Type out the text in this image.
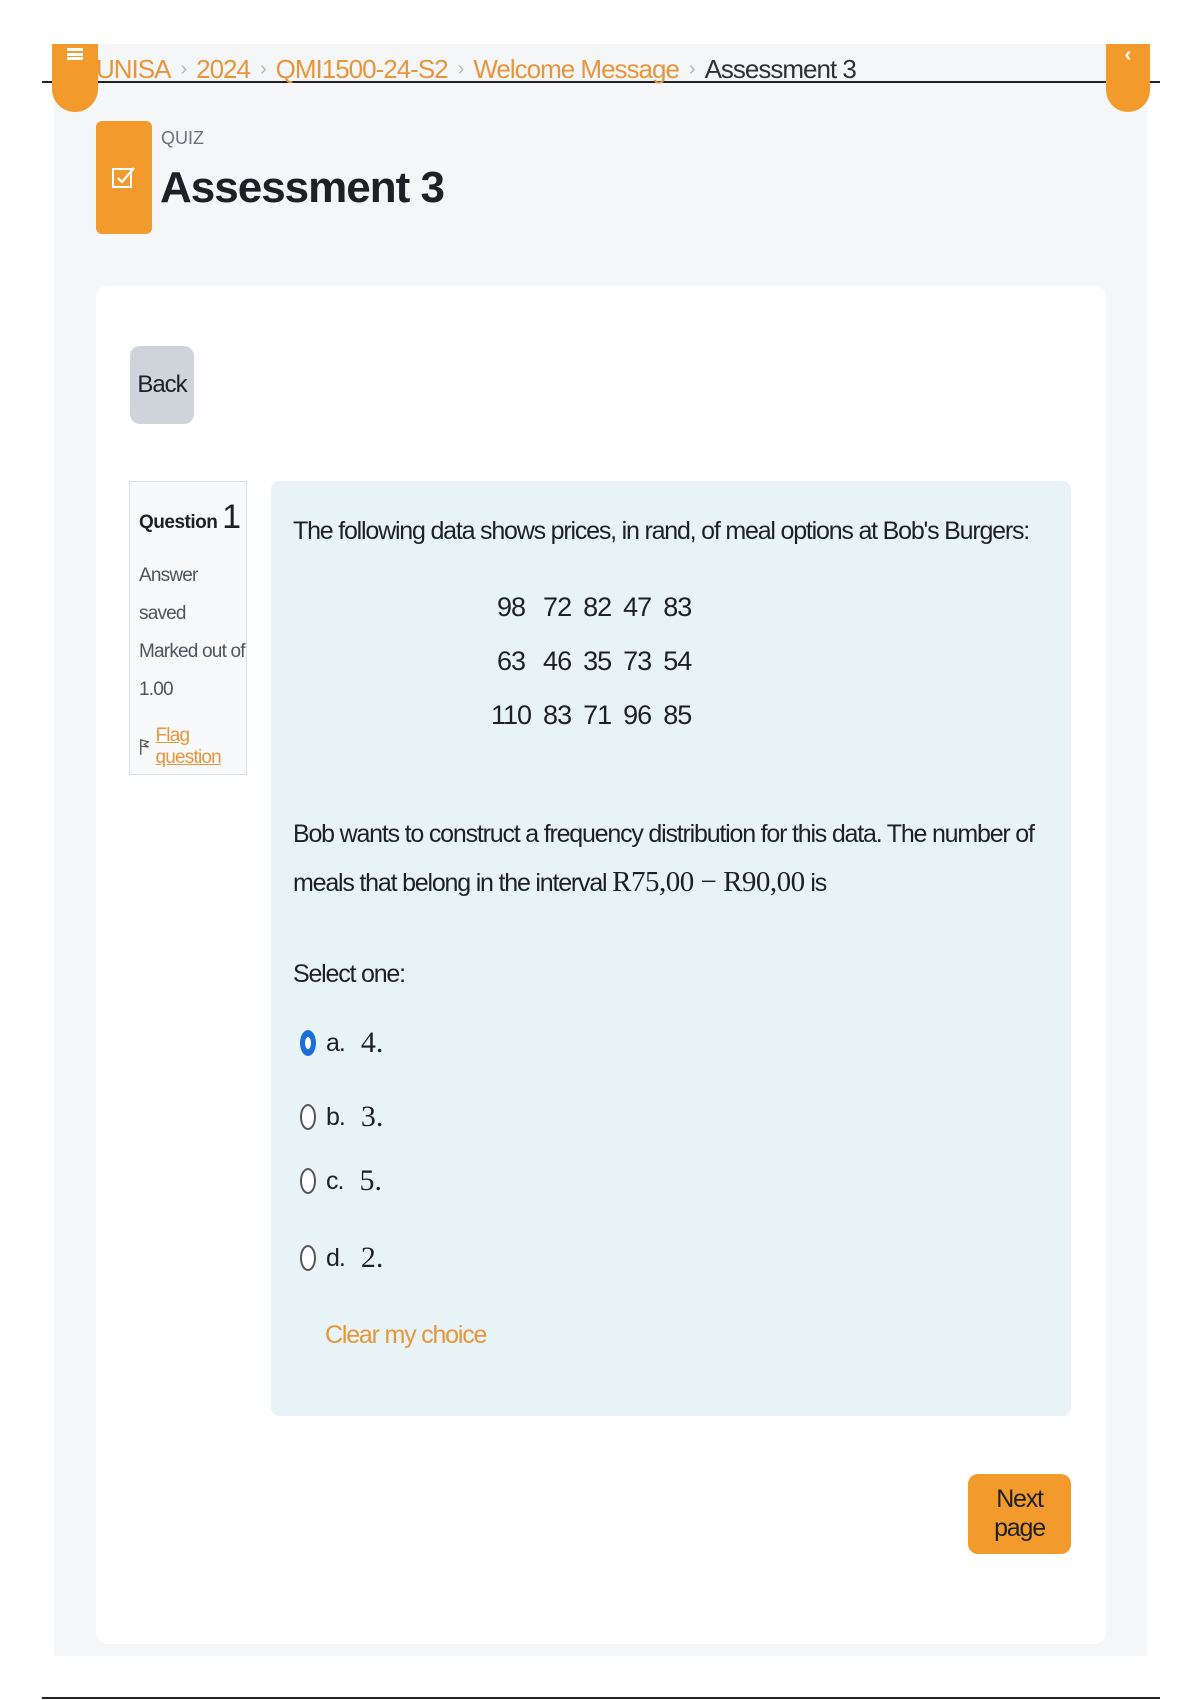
‹
UNISA › 2024 › QMI1500-24-S2 › Welcome Message › Assessment 3
QUIZ
Assessment 3
Back
Question 1
Answer saved
Marked out of
1.00
Flag question
The following data shows prices, in rand, of meal options at Bob's Burgers:
98	72	82	47	83
63	46	35	73	54
110	83	71	96	85
Bob wants to construct a frequency distribution for this data. The number of meals that belong in the interval R75,00 − R90,00 is
Select one:
a. 4.
b. 3.
c. 5.
d. 2.
Clear my choice
Next page
